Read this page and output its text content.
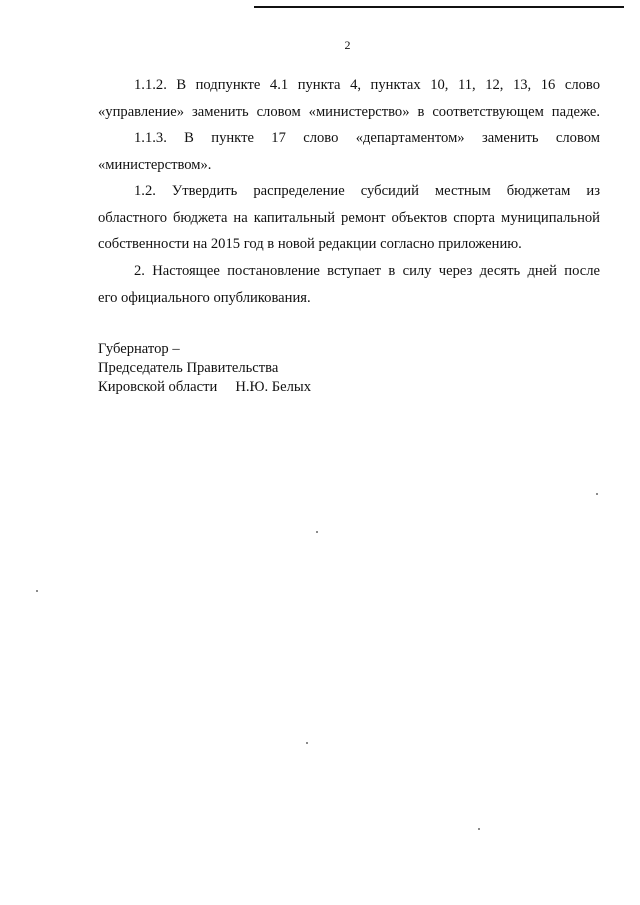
2
1.1.2. В подпункте 4.1 пункта 4, пунктах 10, 11, 12, 13, 16 слово
«управление» заменить словом «министерство» в соответствующем падеже.
1.1.3. В пункте 17 слово «департаментом» заменить словом
«министерством».
1.2. Утвердить распределение субсидий местным бюджетам из
областного бюджета на капитальный ремонт объектов спорта муниципальной
собственности на 2015 год в новой редакции согласно приложению.
2. Настоящее постановление вступает в силу через десять дней после
его официального опубликования.
Губернатор –
Председатель Правительства
Кировской области Н.Ю. Белых
